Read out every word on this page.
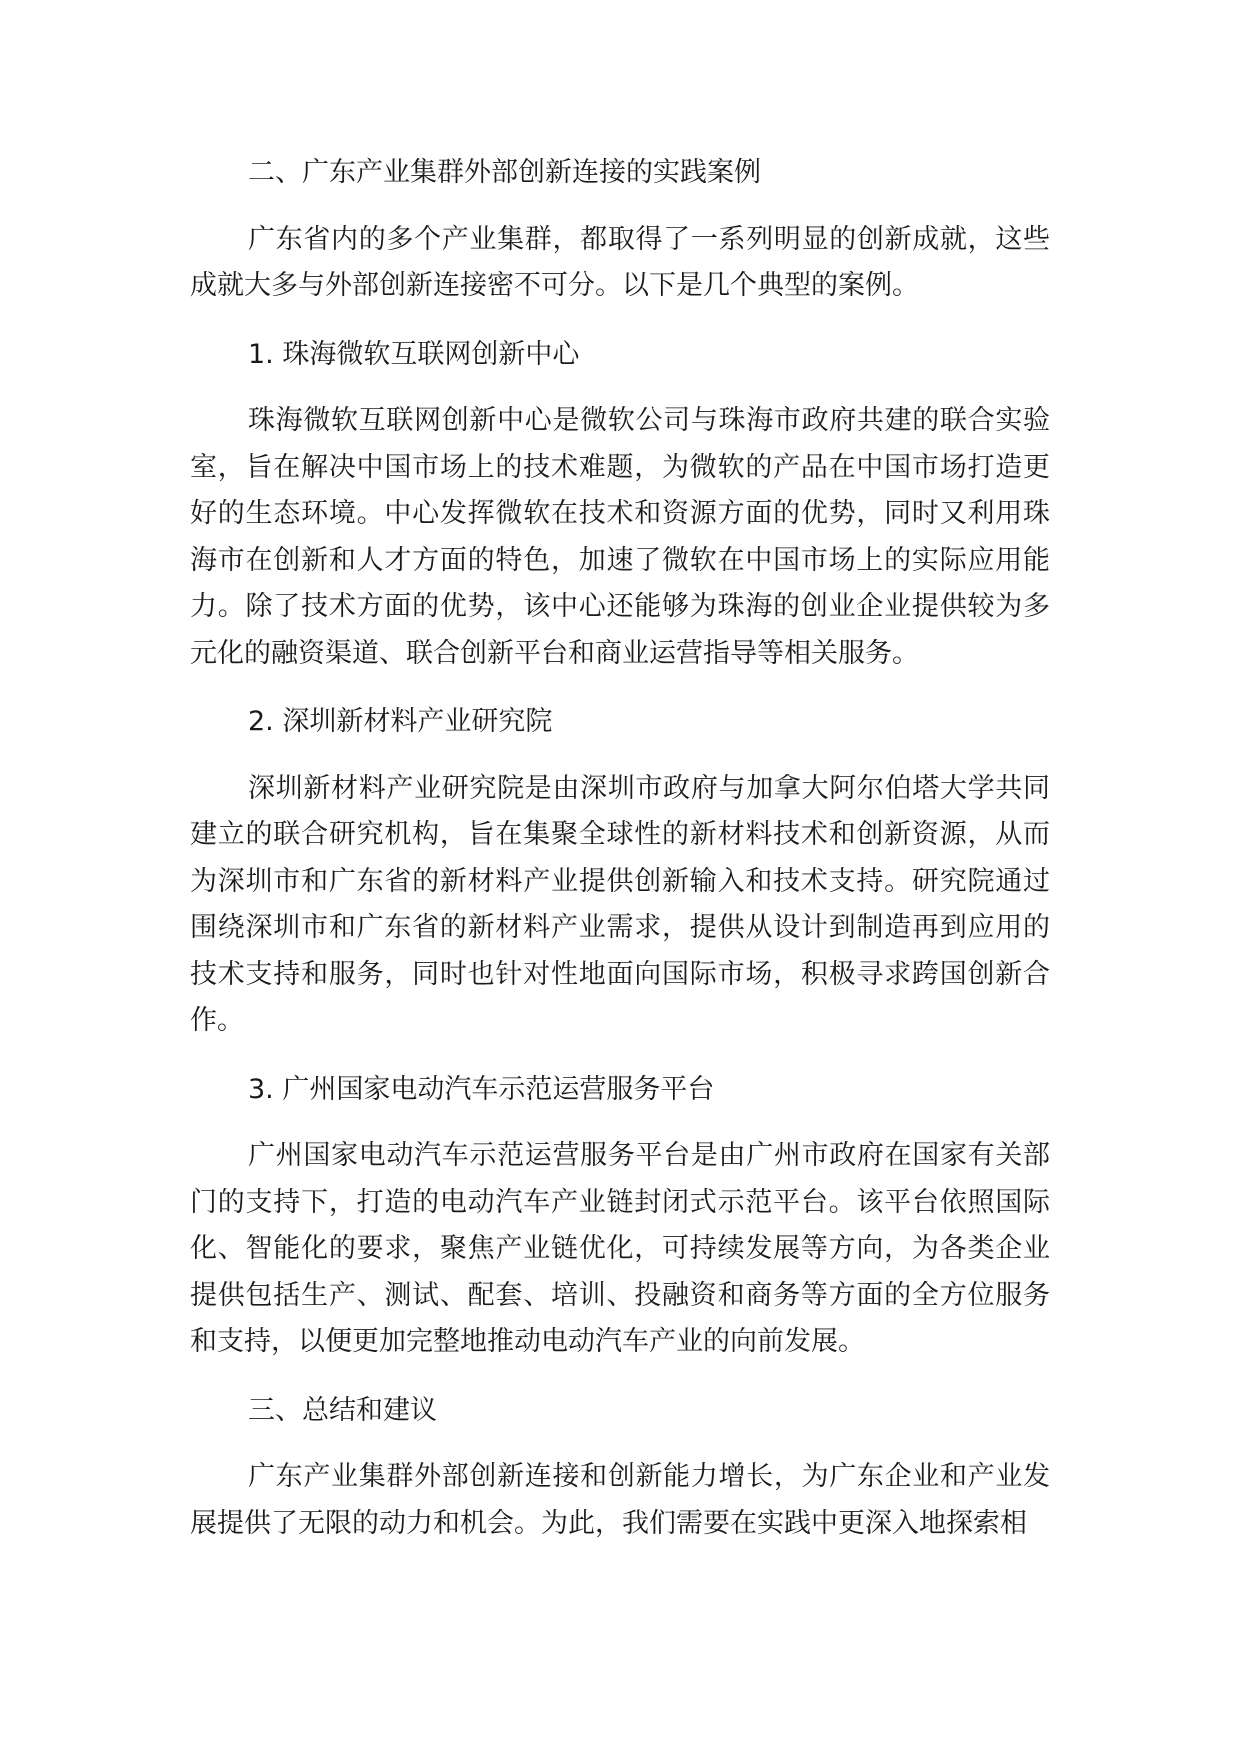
二、广东产业集群外部创新连接的实践案例

广东省内的多个产业集群，都取得了一系列明显的创新成就，这些成就大多与外部创新连接密不可分。以下是几个典型的案例。

1. 珠海微软互联网创新中心

珠海微软互联网创新中心是微软公司与珠海市政府共建的联合实验室，旨在解决中国市场上的技术难题，为微软的产品在中国市场打造更好的生态环境。中心发挥微软在技术和资源方面的优势，同时又利用珠海市在创新和人才方面的特色，加速了微软在中国市场上的实际应用能力。除了技术方面的优势，该中心还能够为珠海的创业企业提供较为多元化的融资渠道、联合创新平台和商业运营指导等相关服务。

2. 深圳新材料产业研究院

深圳新材料产业研究院是由深圳市政府与加拿大阿尔伯塔大学共同建立的联合研究机构，旨在集聚全球性的新材料技术和创新资源，从而为深圳市和广东省的新材料产业提供创新输入和技术支持。研究院通过围绕深圳市和广东省的新材料产业需求，提供从设计到制造再到应用的技术支持和服务，同时也针对性地面向国际市场，积极寻求跨国创新合作。

3. 广州国家电动汽车示范运营服务平台

广州国家电动汽车示范运营服务平台是由广州市政府在国家有关部门的支持下，打造的电动汽车产业链封闭式示范平台。该平台依照国际化、智能化的要求，聚焦产业链优化，可持续发展等方向，为各类企业提供包括生产、测试、配套、培训、投融资和商务等方面的全方位服务和支持，以便更加完整地推动电动汽车产业的向前发展。

三、总结和建议

广东产业集群外部创新连接和创新能力增长，为广东企业和产业发展提供了无限的动力和机会。为此，我们需要在实践中更深入地探索相
